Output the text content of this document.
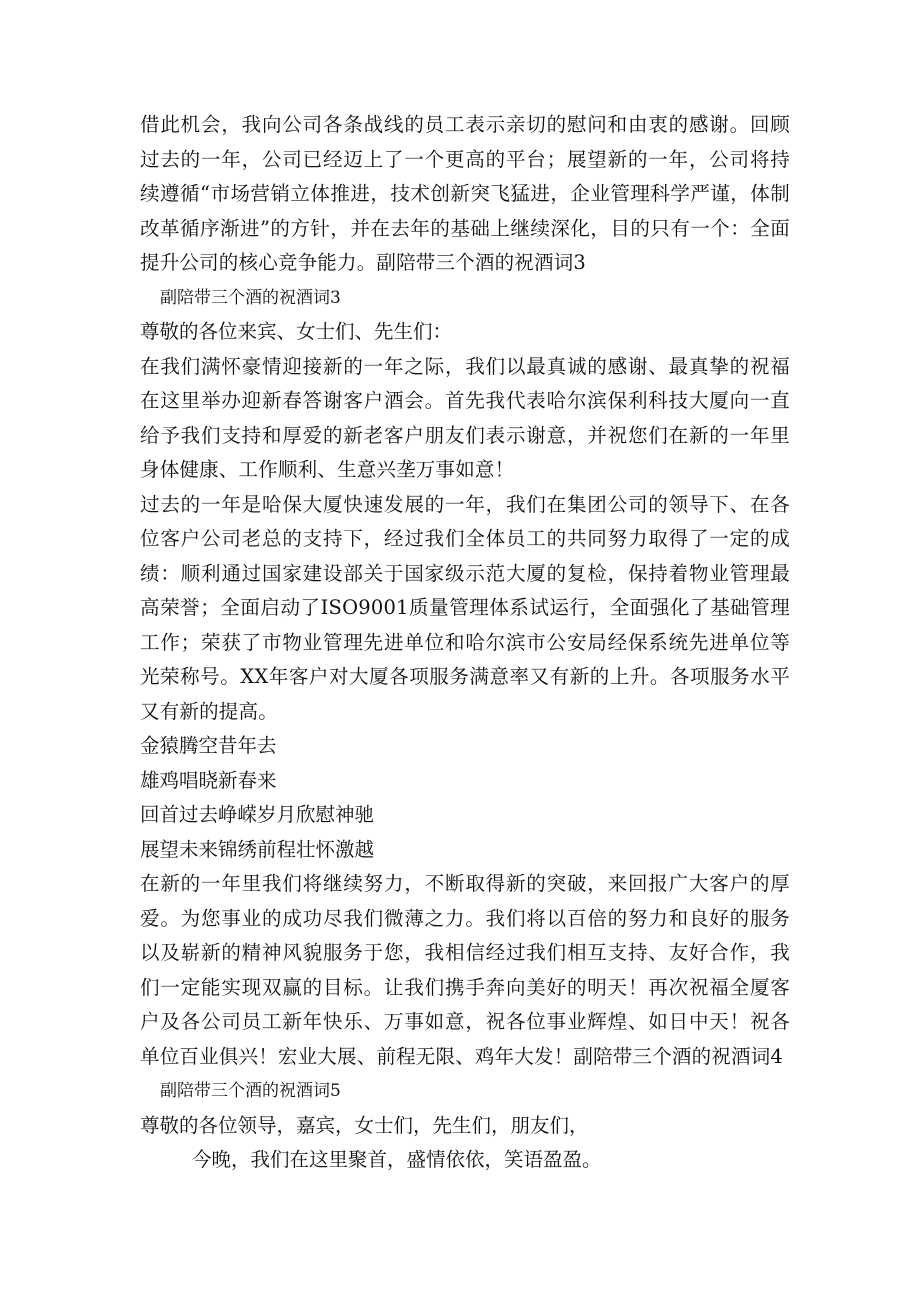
借此机会，我向公司各条战线的员工表示亲切的慰问和由衷的感谢。回顾过去的一年，公司已经迈上了一个更高的平台；展望新的一年，公司将持续遵循“市场营销立体推进，技术创新突飞猛进，企业管理科学严谨，体制改革循序渐进”的方针，并在去年的基础上继续深化，目的只有一个：全面提升公司的核心竞争能力。副陪带三个酒的祝酒词3

副陪带三个酒的祝酒词3

尊敬的各位来宾、女士们、先生们：

在我们满怀豪情迎接新的一年之际，我们以最真诚的感谢、最真挚的祝福在这里举办迎新春答谢客户酒会。首先我代表哈尔滨保利科技大厦向一直给予我们支持和厚爱的新老客户朋友们表示谢意，并祝您们在新的一年里身体健康、工作顺利、生意兴垄万事如意！

过去的一年是哈保大厦快速发展的一年，我们在集团公司的领导下、在各位客户公司老总的支持下，经过我们全体员工的共同努力取得了一定的成绩：顺利通过国家建设部关于国家级示范大厦的复检，保持着物业管理最高荣誉；全面启动了ISO9001质量管理体系试运行，全面强化了基础管理工作；荣获了市物业管理先进单位和哈尔滨市公安局经保系统先进单位等光荣称号。XX年客户对大厦各项服务满意率又有新的上升。各项服务水平又有新的提高。

金猿腾空昔年去

雄鸡唱晓新春来

回首过去峥嵘岁月欣慰神驰

展望未来锦绣前程壮怀激越

在新的一年里我们将继续努力，不断取得新的突破，来回报广大客户的厚爱。为您事业的成功尽我们微薄之力。我们将以百倍的努力和良好的服务以及崭新的精神风貌服务于您，我相信经过我们相互支持、友好合作，我们一定能实现双赢的目标。让我们携手奔向美好的明天！再次祝福全厦客户及各公司员工新年快乐、万事如意，祝各位事业辉煌、如日中天！祝各单位百业俱兴！宏业大展、前程无限、鸡年大发！副陪带三个酒的祝酒词4

副陪带三个酒的祝酒词5

尊敬的各位领导，嘉宾，女士们，先生们，朋友们，

今晚，我们在这里聚首，盛情依依，笑语盈盈。
